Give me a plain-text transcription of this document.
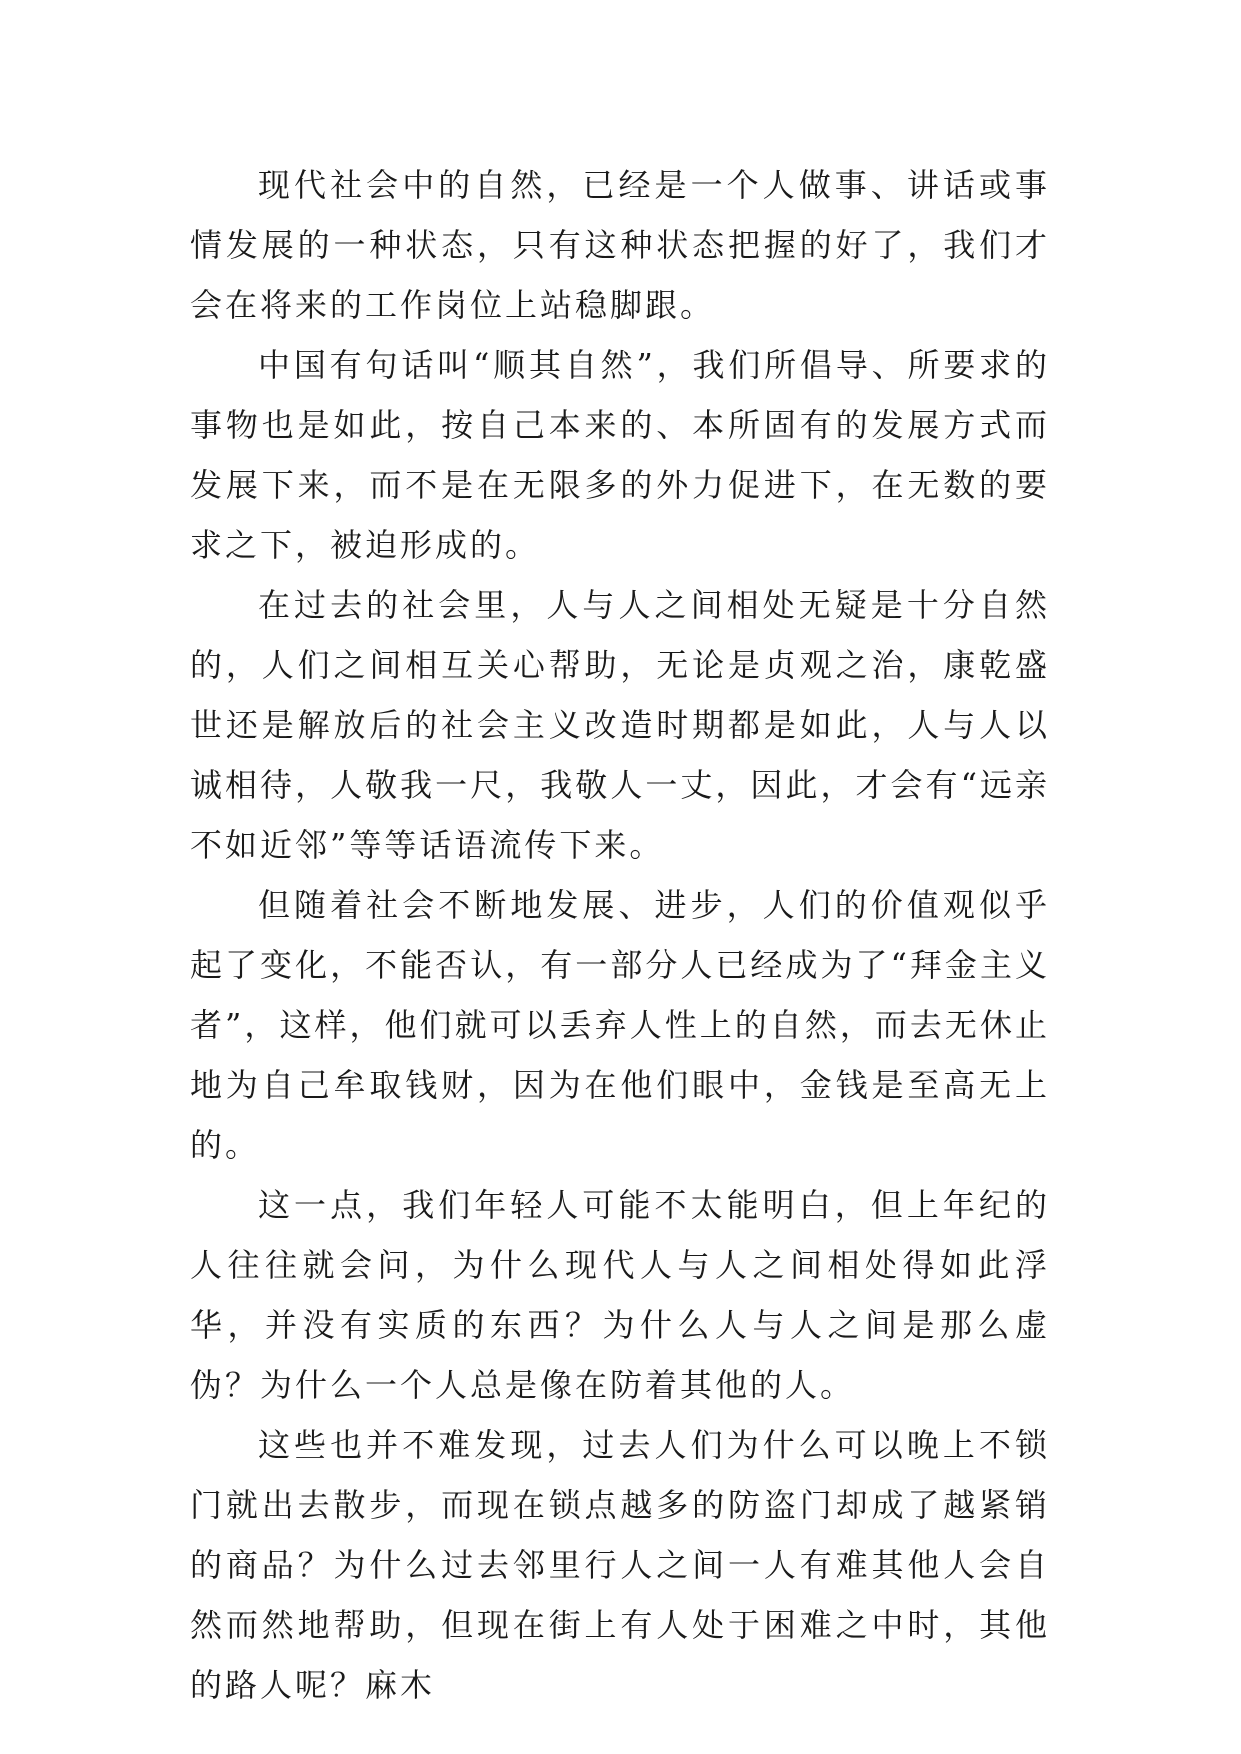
现代社会中的自然，已经是一个人做事、讲话或事情发展的一种状态，只有这种状态把握的好了，我们才会在将来的工作岗位上站稳脚跟。

中国有句话叫“顺其自然”，我们所倡导、所要求的事物也是如此，按自己本来的、本所固有的发展方式而发展下来，而不是在无限多的外力促进下，在无数的要求之下，被迫形成的。

在过去的社会里，人与人之间相处无疑是十分自然的，人们之间相互关心帮助，无论是贞观之治，康乾盛世还是解放后的社会主义改造时期都是如此，人与人以诚相待，人敬我一尺，我敬人一丈，因此，才会有“远亲不如近邻”等等话语流传下来。

但随着社会不断地发展、进步，人们的价值观似乎起了变化，不能否认，有一部分人已经成为了“拜金主义者”，这样，他们就可以丢弃人性上的自然，而去无休止地为自己牟取钱财，因为在他们眼中，金钱是至高无上的。

这一点，我们年轻人可能不太能明白，但上年纪的人往往就会问，为什么现代人与人之间相处得如此浮华，并没有实质的东西？为什么人与人之间是那么虚伪？为什么一个人总是像在防着其他的人。

这些也并不难发现，过去人们为什么可以晚上不锁门就出去散步，而现在锁点越多的防盗门却成了越紧销的商品？为什么过去邻里行人之间一人有难其他人会自然而然地帮助，但现在街上有人处于困难之中时，其他的路人呢？麻木
